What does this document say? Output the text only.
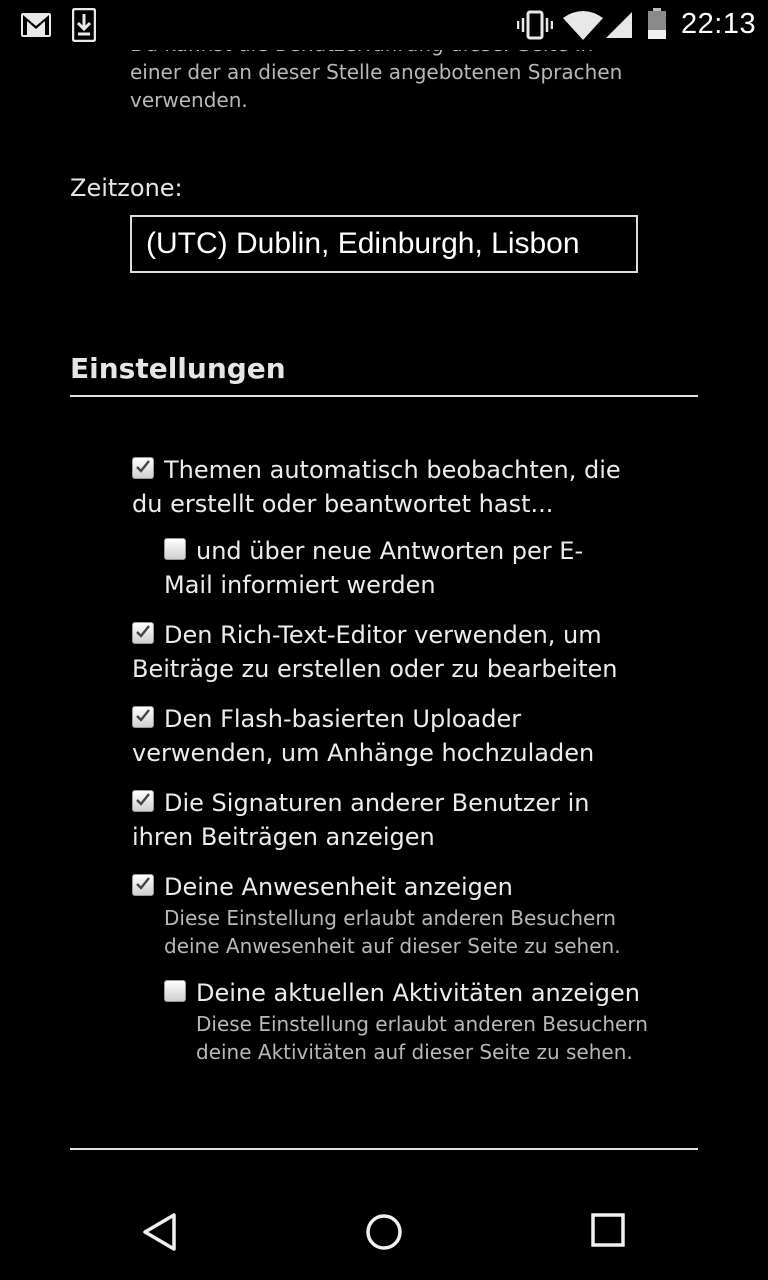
einer der an dieser Stelle angebotenen Sprachen verwenden.
Zeitzone:
(UTC) Dublin, Edinburgh, Lisbon
Einstellungen
Themen automatisch beobachten, die du erstellt oder beantwortet hast...
und über neue Antworten per E-Mail informiert werden
Den Rich-Text-Editor verwenden, um Beiträge zu erstellen oder zu bearbeiten
Den Flash-basierten Uploader verwenden, um Anhänge hochzuladen
Die Signaturen anderer Benutzer in ihren Beiträgen anzeigen
Deine Anwesenheit anzeigen
Diese Einstellung erlaubt anderen Besuchern deine Anwesenheit auf dieser Seite zu sehen.
Deine aktuellen Aktivitäten anzeigen
Diese Einstellung erlaubt anderen Besuchern deine Aktivitäten auf dieser Seite zu sehen.
22:13
